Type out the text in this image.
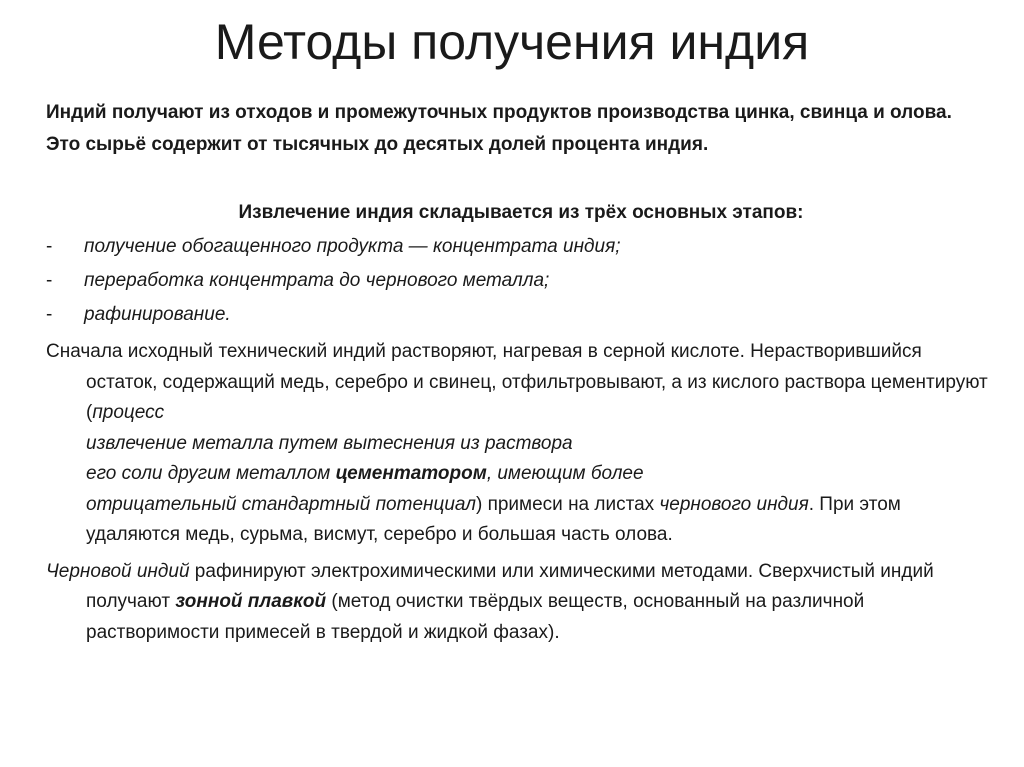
Методы получения индия

Индий получают из отходов и промежуточных продуктов производства цинка, свинца и олова.

Это сырьё содержит от тысячных до десятых долей процента индия.

Извлечение индия складывается из трёх основных этапов:

-	получение обогащенного продукта — концентрата индия;
-	переработка концентрата до чернового металла;
-	рафинирование.

Сначала исходный технический индий растворяют, нагревая в серной кислоте. Нерастворившийся остаток, содержащий медь, серебро и свинец, отфильтровывают, а из кислого раствора цементируют (процесс
извлечение металла путем вытеснения из раствора
его соли другим металлом цементатором, имеющим более
отрицательный стандартный потенциал) примеси на листах чернового индия. При этом удаляются медь, сурьма, висмут, серебро и большая часть олова.

Черновой индий рафинируют электрохимическими или химическими методами. Сверхчистый индий получают зонной плавкой (метод очистки твёрдых веществ, основанный на различной растворимости примесей в твердой и жидкой фазах).
